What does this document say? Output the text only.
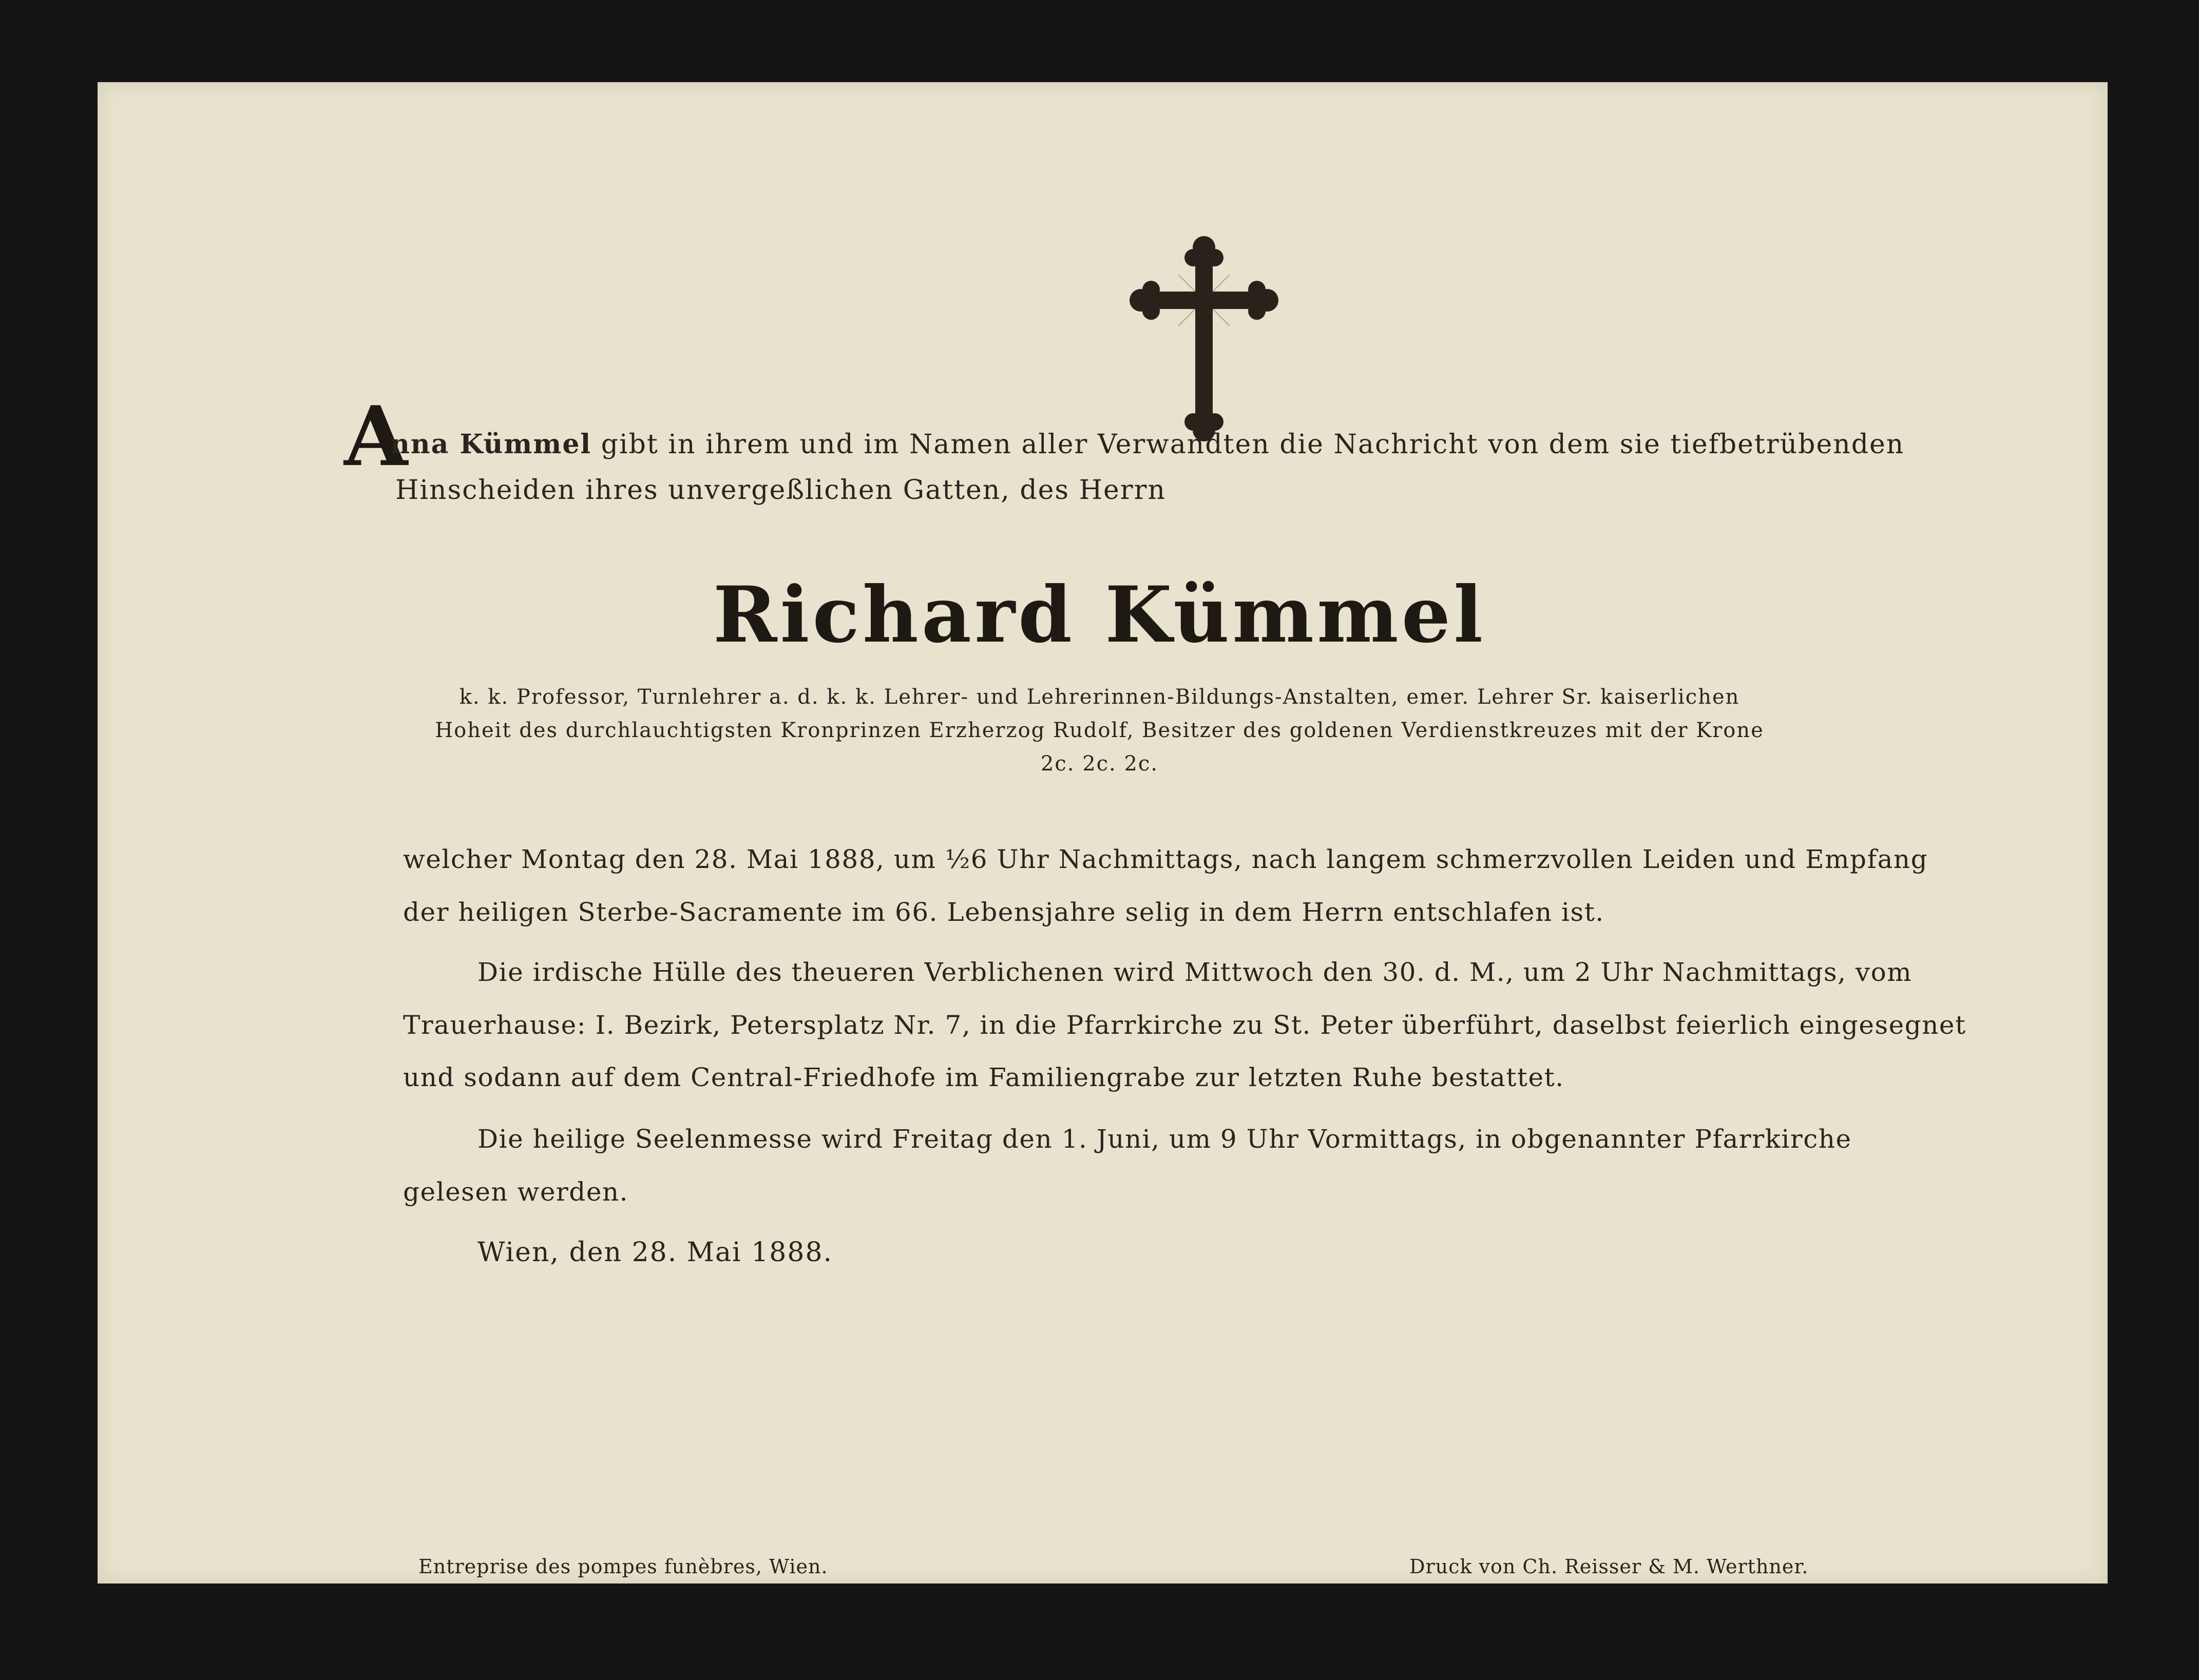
A
nna Kümmel gibt in ihrem und im Namen aller Verwandten die Nachricht von dem sie tiefbetrübenden
Hinscheiden ihres unvergeßlichen Gatten, des Herrn
Richard Kümmel
k. k. Professor, Turnlehrer a. d. k. k. Lehrer- und Lehrerinnen-Bildungs-Anstalten, emer. Lehrer Sr. kaiserlichen
Hoheit des durchlauchtigsten Kronprinzen Erzherzog Rudolf, Besitzer des goldenen Verdienstkreuzes mit der Krone
2c. 2c. 2c.
welcher Montag den 28. Mai 1888, um ½6 Uhr Nachmittags, nach langem schmerzvollen Leiden und Empfang
der heiligen Sterbe-Sacramente im 66. Lebensjahre selig in dem Herrn entschlafen ist.
Die irdische Hülle des theueren Verblichenen wird Mittwoch den 30. d. M., um 2 Uhr Nachmittags, vom
Trauerhause: I. Bezirk, Petersplatz Nr. 7, in die Pfarrkirche zu St. Peter überführt, daselbst feierlich eingesegnet
und sodann auf dem Central-Friedhofe im Familiengrabe zur letzten Ruhe bestattet.
Die heilige Seelenmesse wird Freitag den 1. Juni, um 9 Uhr Vormittags, in obgenannter Pfarrkirche
gelesen werden.
Wien, den 28. Mai 1888.
Entreprise des pompes funèbres, Wien.	Druck von Ch. Reisser & M. Werthner.
